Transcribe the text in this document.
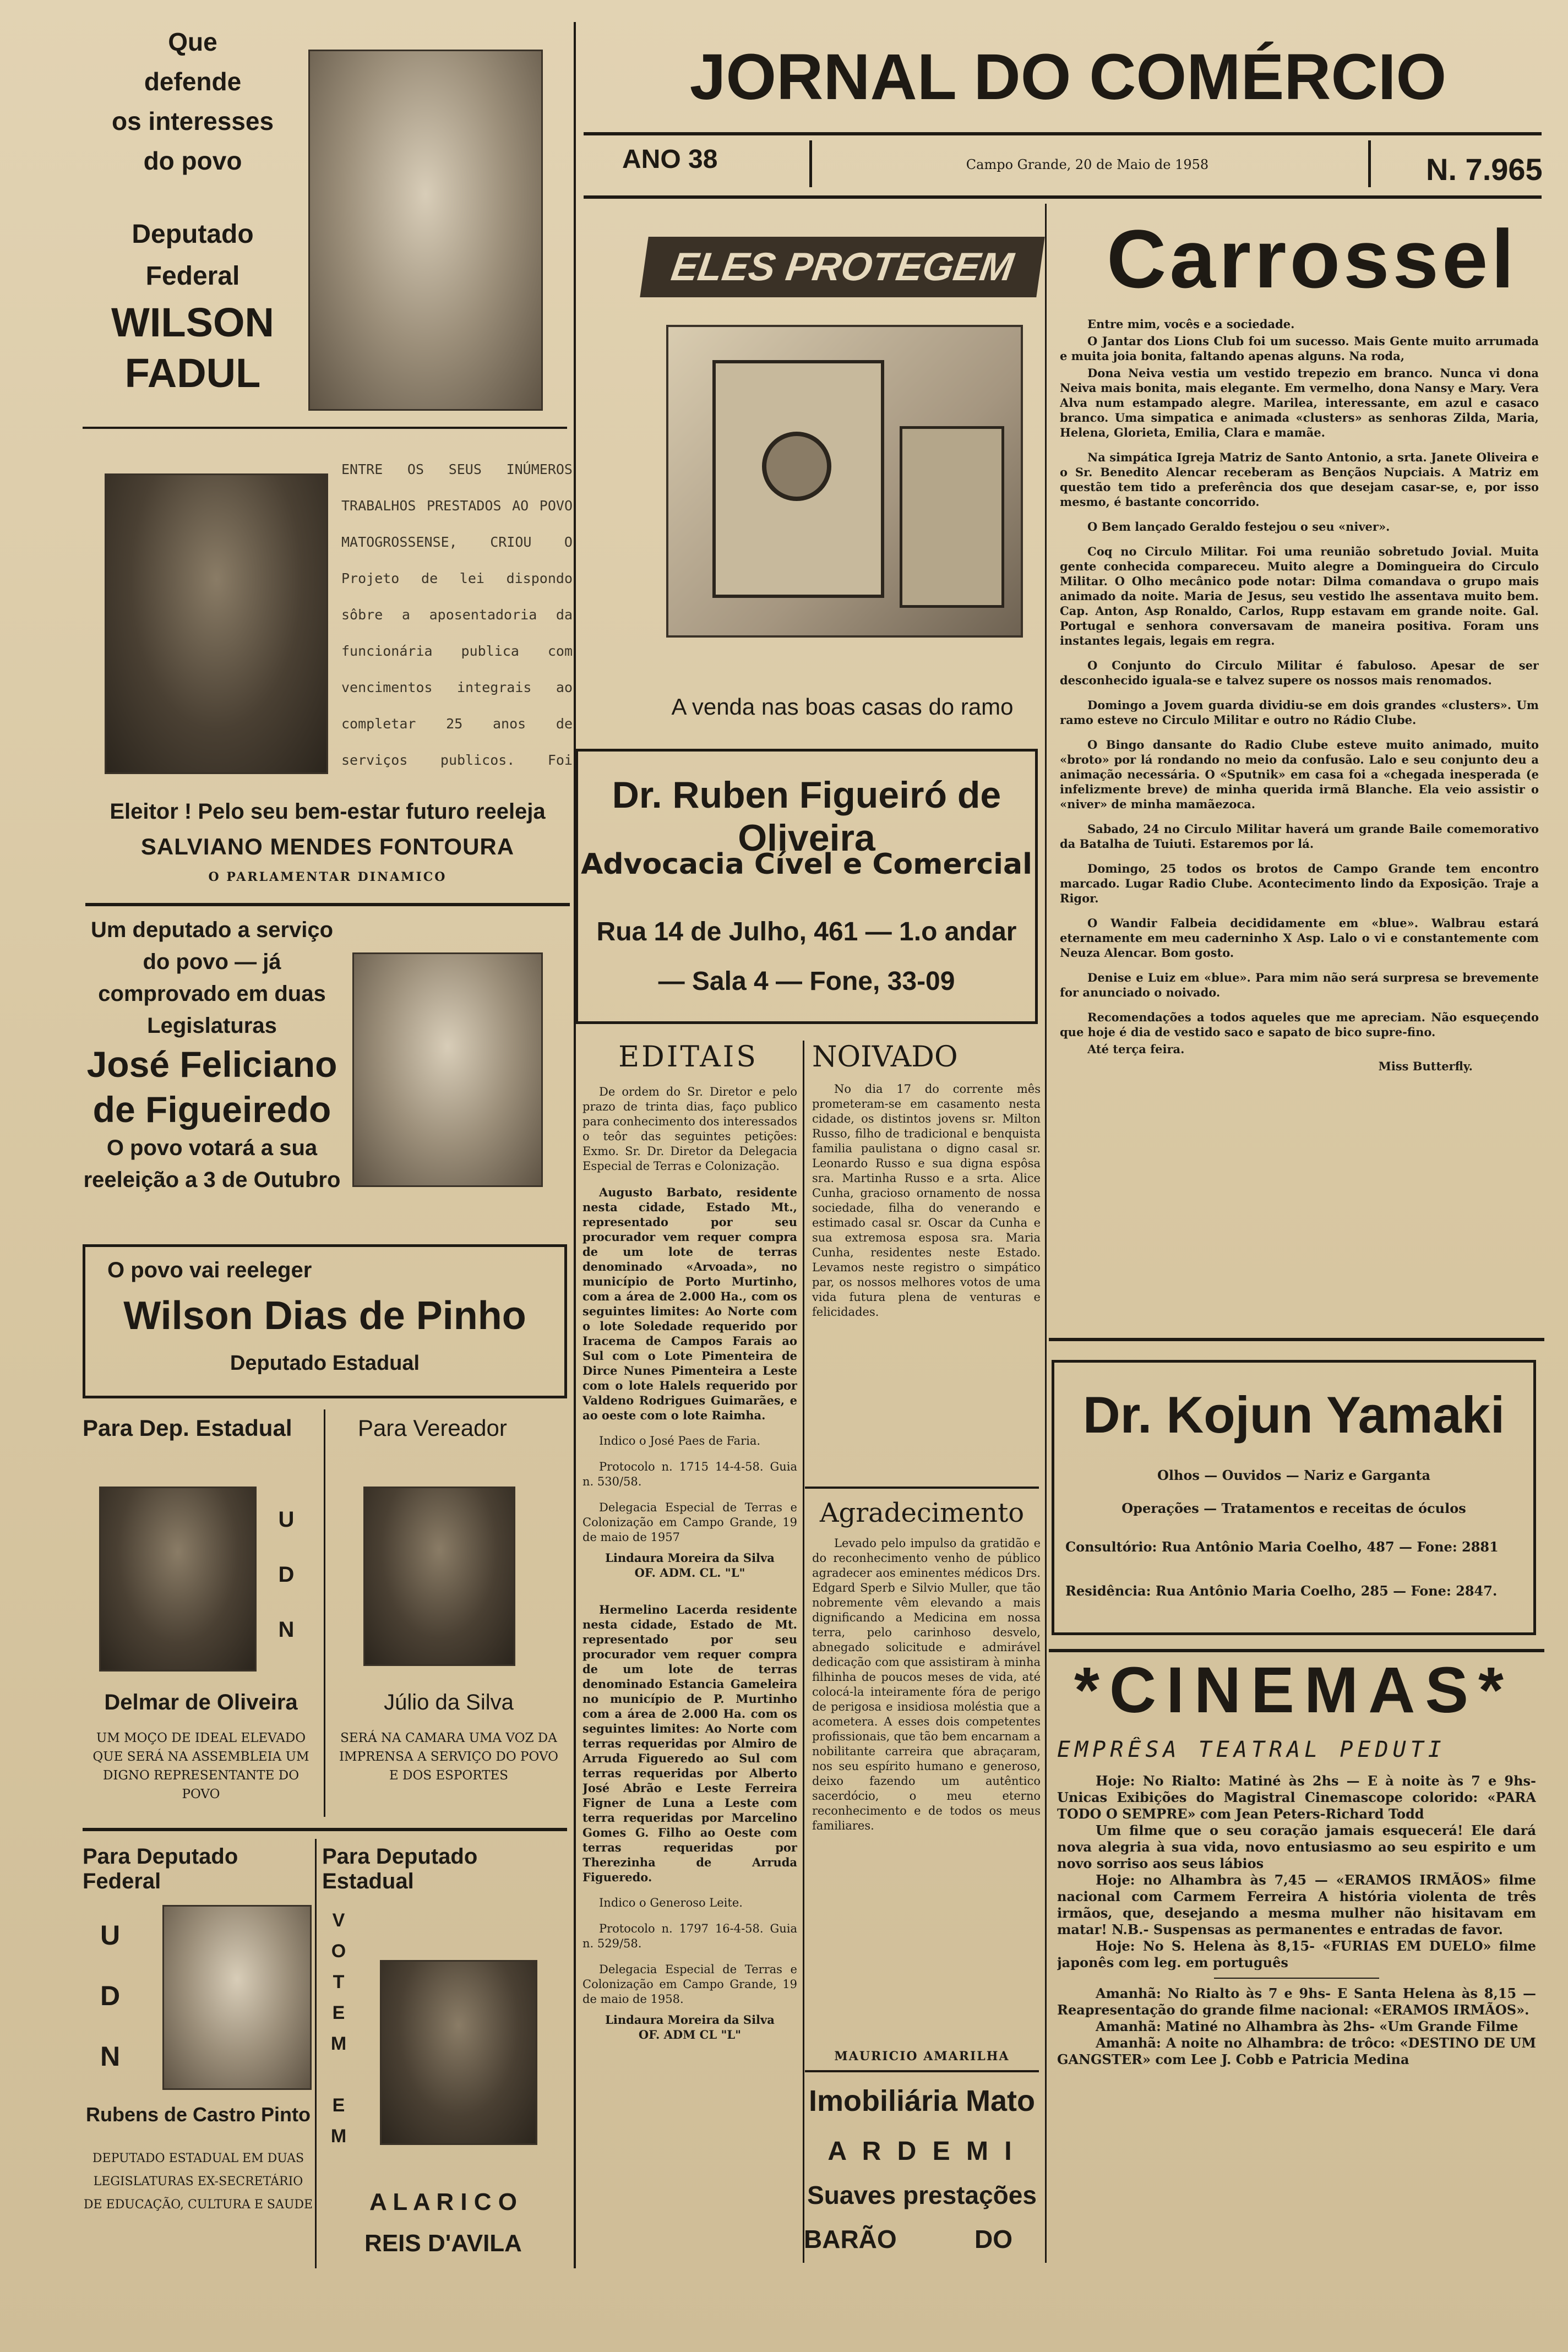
Que
defende
os interesses
do povo
Deputado
Federal
WILSON
FADUL
ENTRE OS SEUS INÚMEROS TRABALHOS PRESTADOS AO POVO MATOGROSSENSE, CRIOU O Projeto de lei dispondo sôbre a aposentadoria da funcionária publica com vencimentos integrais ao completar 25 anos de serviços publicos. Foi
Eleitor ! Pelo seu bem-estar futuro reeleja
SALVIANO MENDES FONTOURA
O PARLAMENTAR DINAMICO
Um deputado a serviço do povo — já comprovado em duas Legislaturas
José Feliciano
de Figueiredo
O povo votará a sua reeleição a 3 de Outubro
O povo vai reeleger
Wilson Dias de Pinho
Deputado Estadual
Para Dep. Estadual	Para Vereador
U
D
N
Delmar de Oliveira	Júlio da Silva
UM MOÇO DE IDEAL ELEVADO QUE SERÁ NA ASSEMBLEIA UM DIGNO REPRESENTANTE DO POVO
SERÁ NA CAMARA UMA VOZ DA IMPRENSA A SERVIÇO DO POVO E DOS ESPORTES
Para Deputado Federal
Para Deputado Estadual
U
D
N
Rubens de Castro Pinto
DEPUTADO ESTADUAL EM DUAS LEGISLATURAS EX-SECRETÁRIO DE EDUCAÇÃO, CULTURA E SAUDE
V
O
T
E
M

E
M
A L A R I C O
REIS D'AVILA
JORNAL DO COMÉRCIO
ANO 38	Campo Grande, 20 de Maio de 1958	N. 7.965
ELES PROTEGEM
A venda nas boas casas do ramo
Dr. Ruben Figueiró de Oliveira
Advocacia Cível e Comercial
Rua 14 de Julho, 461 — 1.o andar
— Sala 4 — Fone, 33-09
EDITAIS
De ordem do Sr. Diretor e pelo prazo de trinta dias, faço publico para conhecimento dos interessados o teôr das seguintes petições: Exmo. Sr. Dr. Diretor da Delegacia Especial de Terras e Colonização.
Augusto Barbato, residente nesta cidade, Estado Mt., representado por seu procurador vem requer compra de um lote de terras denominado «Arvoada», no município de Porto Murtinho, com a área de 2.000 Ha., com os seguintes limites: Ao Norte com o lote Soledade requerido por Iracema de Campos Farais ao Sul com o Lote Pimenteira de Dirce Nunes Pimenteira a Leste com o lote Halels requerido por Valdeno Rodrigues Guimarães, e ao oeste com o lote Raimha.
Indico o José Paes de Faria.
Protocolo n. 1715 14-4-58. Guia n. 530/58.
Delegacia Especial de Terras e Colonização em Campo Grande, 19 de maio de 1957
Lindaura Moreira da Silva
OF. ADM. CL. "L"
Hermelino Lacerda residente nesta cidade, Estado de Mt. representado por seu procurador vem requer compra de um lote de terras denominado Estancia Gameleira no município de P. Murtinho com a área de 2.000 Ha. com os seguintes limites: Ao Norte com terras requeridas por Almiro de Arruda Figueredo ao Sul com terras requeridas por Alberto José Abrão e Leste Ferreira Figner de Luna a Leste com terra requeridas por Marcelino Gomes G. Filho ao Oeste com terras requeridas por Therezinha de Arruda Figueredo.
Indico o Generoso Leite.
Protocolo n. 1797 16-4-58. Guia n. 529/58.
Delegacia Especial de Terras e Colonização em Campo Grande, 19 de maio de 1958.
Lindaura Moreira da Silva
OF. ADM CL "L"
NOIVADO
No dia 17 do corrente mês prometeram-se em casamento nesta cidade, os distintos jovens sr. Milton Russo, filho de tradicional e benquista familia paulistana o digno casal sr. Leonardo Russo e sua digna espôsa sra. Martinha Russo e a srta. Alice Cunha, gracioso ornamento de nossa sociedade, filha do venerando e estimado casal sr. Oscar da Cunha e sua extremosa esposa sra. Maria Cunha, residentes neste Estado. Levamos neste registro o simpático par, os nossos melhores votos de uma vida futura plena de venturas e felicidades.
Agradecimento
Levado pelo impulso da gratidão e do reconhecimento venho de público agradecer aos eminentes médicos Drs. Edgard Sperb e Silvio Muller, que tão nobremente vêm elevando a mais dignificando a Medicina em nossa terra, pelo carinhoso desvelo, abnegado solicitude e admirável dedicação com que assistiram à minha filhinha de poucos meses de vida, até colocá-la inteiramente fóra de perigo de perigosa e insidiosa moléstia que a acometera. A esses dois competentes profissionais, que tão bem encarnam a nobilitante carreira que abraçaram, nos seu espírito humano e generoso, deixo fazendo um autêntico sacerdócio, o meu eterno reconhecimento e de todos os meus familiares.
MAURICIO AMARILHA
Imobiliária Mato
A R D E M I
Suaves prestações
BARÃO	DO
Carrossel
Entre mim, vocês e a sociedade.
O Jantar dos Lions Club foi um sucesso. Mais Gente muito arrumada e muita joia bonita, faltando apenas alguns. Na roda,
Dona Neiva vestia um vestido trepezio em branco. Nunca vi dona Neiva mais bonita, mais elegante. Em vermelho, dona Nansy e Mary. Vera Alva num estampado alegre. Marilea, interessante, em azul e casaco branco. Uma simpatica e animada «clusters» as senhoras Zilda, Maria, Helena, Glorieta, Emilia, Clara e mamãe.
Na simpática Igreja Matriz de Santo Antonio, a srta. Janete Oliveira e o Sr. Benedito Alencar receberam as Bençãos Nupciais. A Matriz em questão tem tido a preferência dos que desejam casar-se, e, por isso mesmo, é bastante concorrido.
O Bem lançado Geraldo festejou o seu «niver».
Coq no Circulo Militar. Foi uma reunião sobretudo Jovial. Muita gente conhecida compareceu. Muito alegre a Domingueira do Circulo Militar. O Olho mecânico pode notar: Dilma comandava o grupo mais animado da noite. Maria de Jesus, seu vestido lhe assentava muito bem. Cap. Anton, Asp Ronaldo, Carlos, Rupp estavam em grande noite. Gal. Portugal e senhora conversavam de maneira positiva. Foram uns instantes legais, legais em regra.
O Conjunto do Circulo Militar é fabuloso. Apesar de ser desconhecido iguala-se e talvez supere os nossos mais renomados.
Domingo a Jovem guarda dividiu-se em dois grandes «clusters». Um ramo esteve no Circulo Militar e outro no Rádio Clube.
O Bingo dansante do Radio Clube esteve muito animado, muito «broto» por lá rondando no meio da confusão. Lalo e seu conjunto deu a animação necessária. O «Sputnik» em casa foi a «chegada inesperada (e infelizmente breve) de minha querida irmã Blanche. Ela veio assistir o «niver» de minha mamãezoca.
Sabado, 24 no Circulo Militar haverá um grande Baile comemorativo da Batalha de Tuiuti. Estaremos por lá.
Domingo, 25 todos os brotos de Campo Grande tem encontro marcado. Lugar Radio Clube. Acontecimento lindo da Exposição. Traje a Rigor.
O Wandir Falbeia decididamente em «blue». Walbrau estará eternamente em meu caderninho X Asp. Lalo o vi e constantemente com Neuza Alencar. Bom gosto.
Denise e Luiz em «blue». Para mim não será surpresa se brevemente for anunciado o noivado.
Recomendações a todos aqueles que me apreciam. Não esqueçendo que hoje é dia de vestido saco e sapato de bico supre-fino.
Até terça feira.
Miss Butterfly.
Dr. Kojun Yamaki
Olhos — Ouvidos — Nariz e Garganta
Operações — Tratamentos e receitas de óculos
Consultório: Rua Antônio Maria Coelho, 487 — Fone: 2881
Residência: Rua Antônio Maria Coelho, 285 — Fone: 2847.
*CINEMAS*
EMPRÊSA TEATRAL PEDUTI
Hoje: No Rialto: Matiné às 2hs — E à noite às 7 e 9hs-Unicas Exibições do Magistral Cinemascope colorido: «PARA TODO O SEMPRE» com Jean Peters-Richard Todd
Um filme que o seu coração jamais esquecerá! Ele dará nova alegria à sua vida, novo entusiasmo ao seu espirito e um novo sorriso aos seus lábios
Hoje: no Alhambra às 7,45 — «ERAMOS IRMÃOS» filme nacional com Carmem Ferreira A história violenta de três irmãos, que, desejando a mesma mulher não hisitavam em matar! N.B.- Suspensas as permanentes e entradas de favor.
Hoje: No S. Helena às 8,15- «FURIAS EM DUELO» filme japonês com leg. em português
Amanhã: No Rialto às 7 e 9hs- E Santa Helena às 8,15 — Reapresentação do grande filme nacional: «ERAMOS IRMÃOS».
Amanhã: Matiné no Alhambra às 2hs- «Um Grande Filme
Amanhã: A noite no Alhambra: de trôco: «DESTINO DE UM GANGSTER» com Lee J. Cobb e Patricia Medina
